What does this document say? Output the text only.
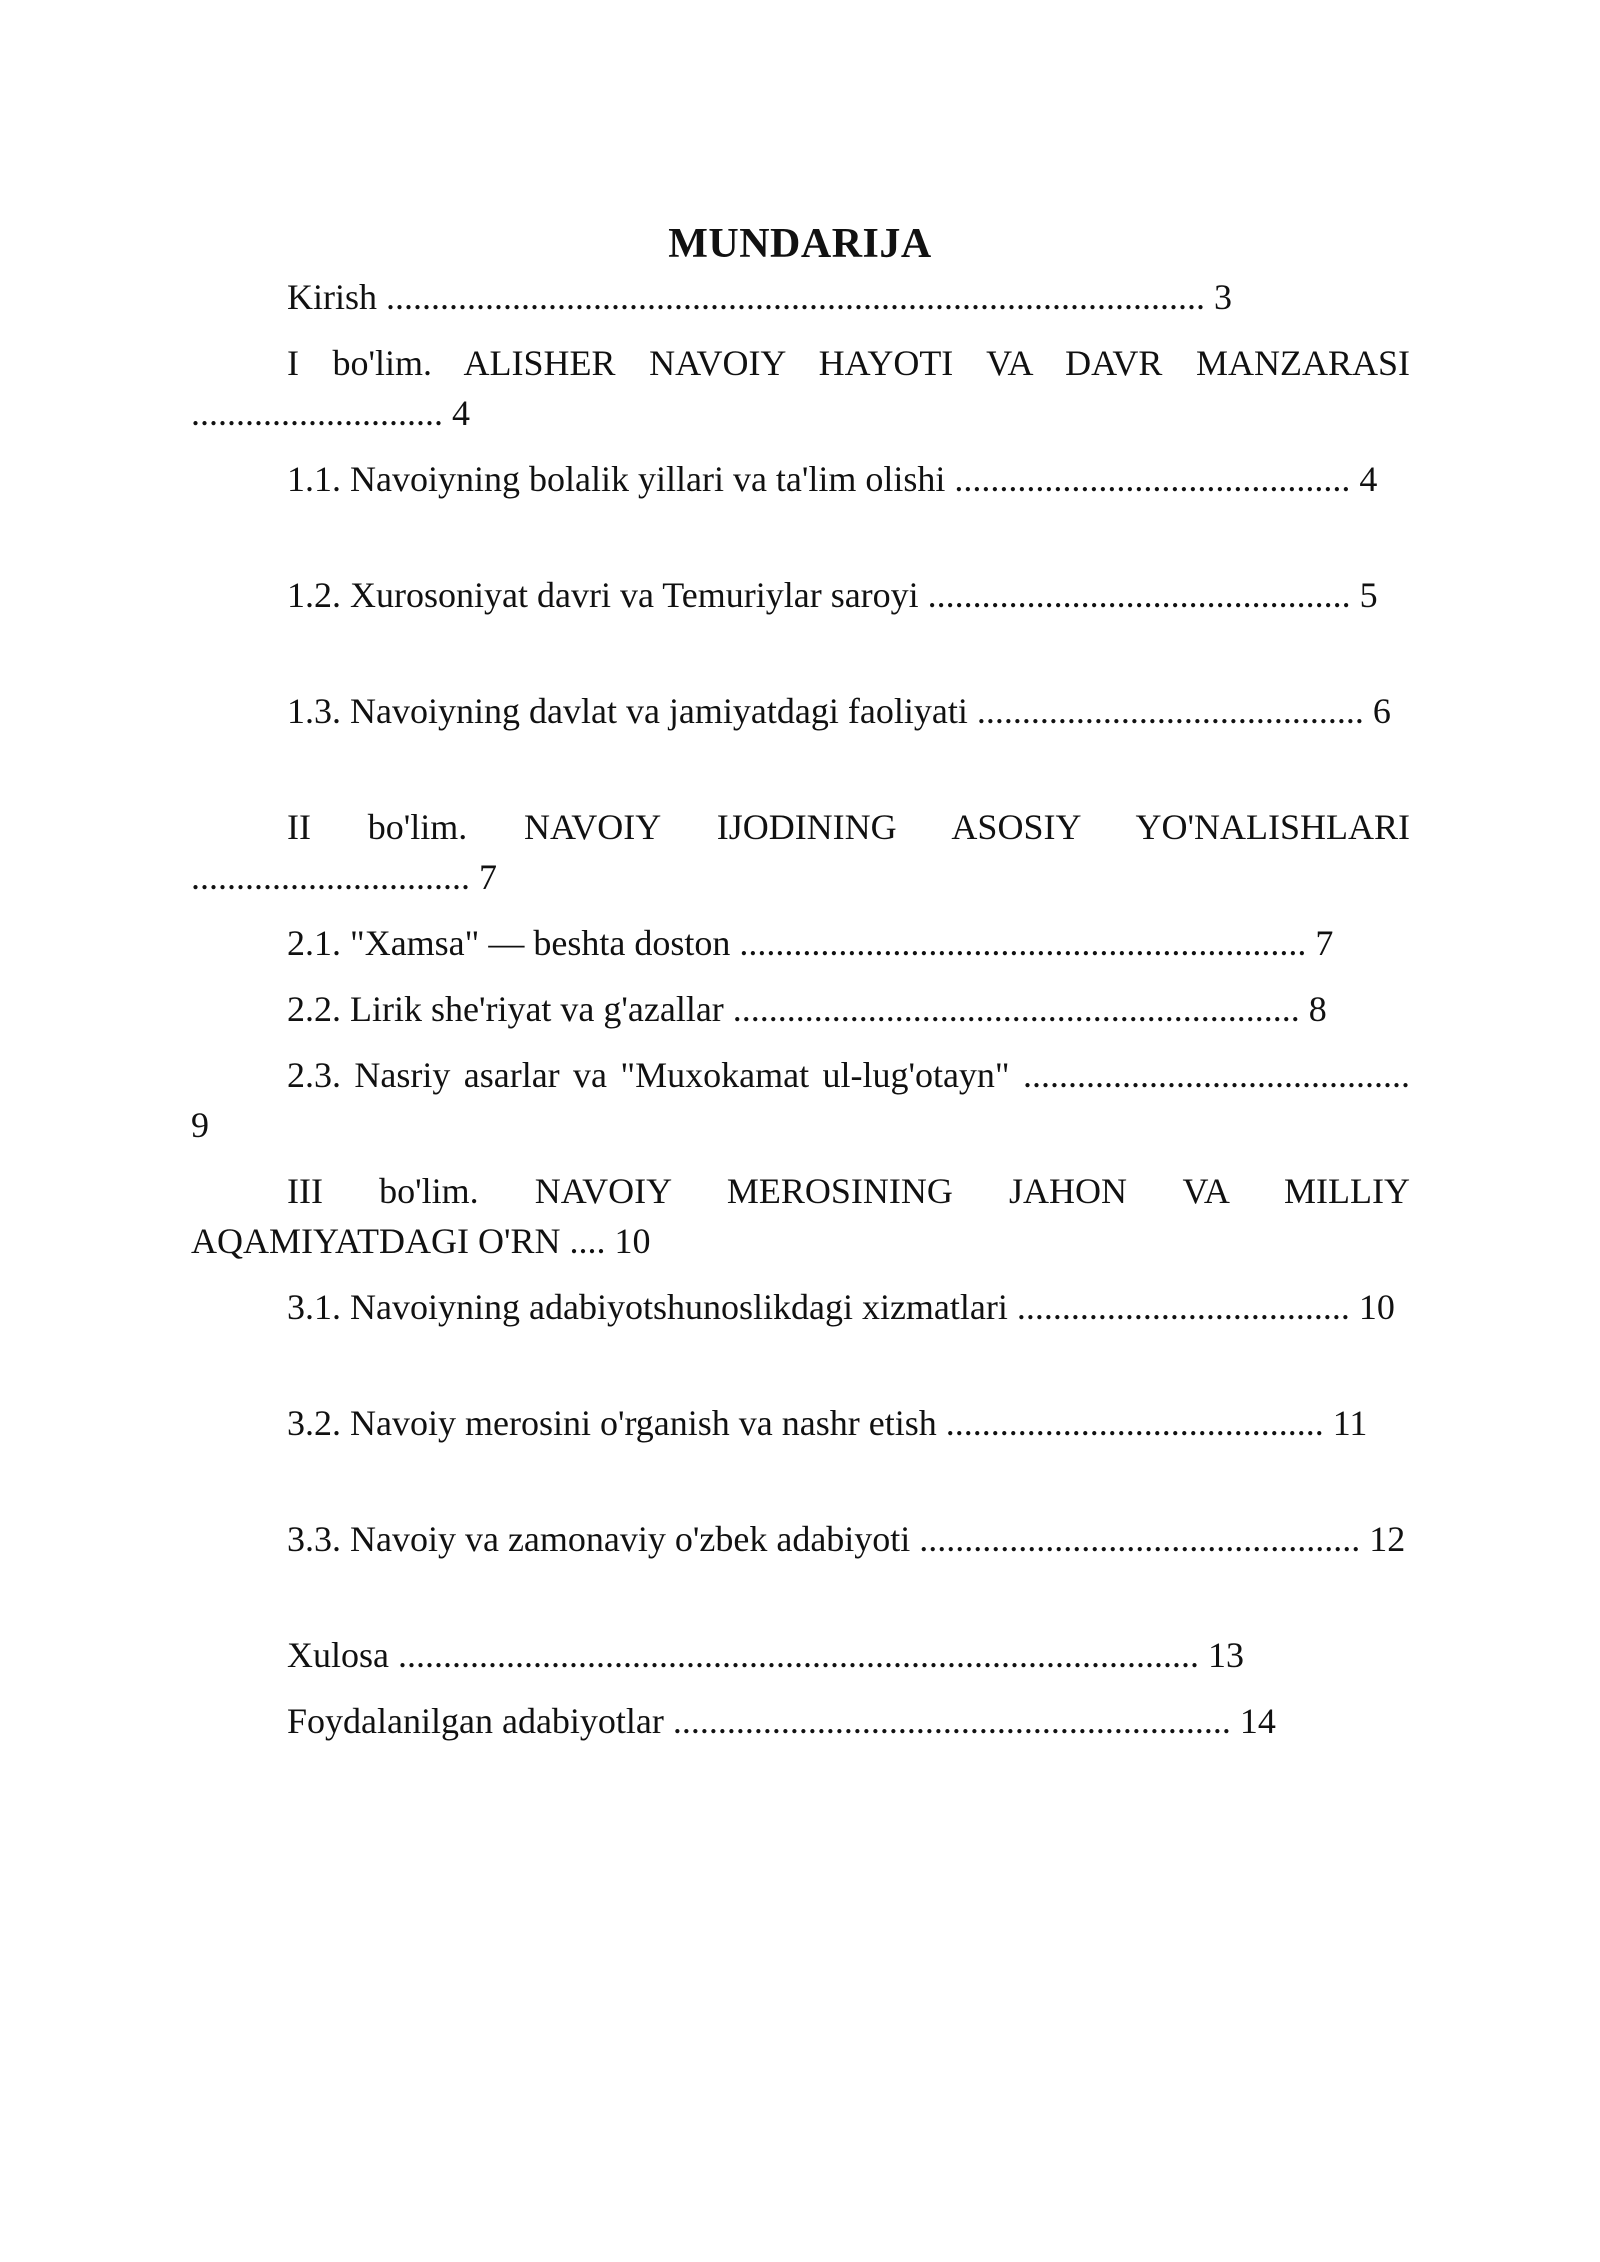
MUNDARIJA
Kirish ........................................................................................... 3
I bo'lim. ALISHER NAVOIY HAYOTI VA DAVR MANZARASI ............................ 4
1.1. Navoiyning bolalik yillari va ta'lim olishi ............................................ 4
1.2. Xurosoniyat davri va Temuriylar saroyi ............................................... 5
1.3. Navoiyning davlat va jamiyatdagi faoliyati ........................................... 6
II bo'lim. NAVOIY IJODINING ASOSIY YO'NALISHLARI ............................... 7
2.1. "Xamsa" — beshta doston ............................................................... 7
2.2. Lirik she'riyat va g'azallar ............................................................... 8
2.3. Nasriy asarlar va "Muxokamat ul-lug'otayn" ........................................... 9
III bo'lim. NAVOIY MEROSINING JAHON VA MILLIY AQAMIYATDAGI O'RN .... 10
3.1. Navoiyning adabiyotshunoslikdagi xizmatlari ..................................... 10
3.2. Navoiy merosini o'rganish va nashr etish .......................................... 11
3.3. Navoiy va zamonaviy o'zbek adabiyoti ................................................. 12
Xulosa ......................................................................................... 13
Foydalanilgan adabiyotlar .............................................................. 14
